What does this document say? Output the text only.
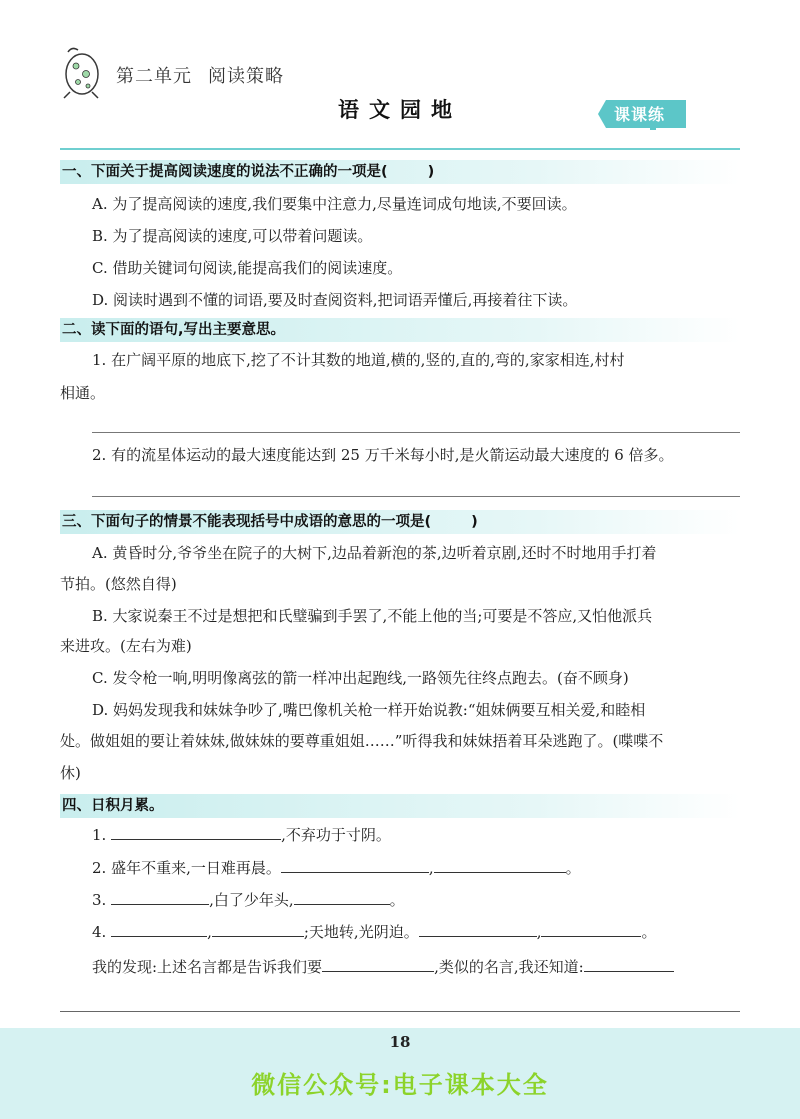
第二单元 阅读策略
语文园地	课课练
一、下面关于提高阅读速度的说法不正确的一项是(	)
A. 为了提高阅读的速度,我们要集中注意力,尽量连词成句地读,不要回读。
B. 为了提高阅读的速度,可以带着问题读。
C. 借助关键词句阅读,能提高我们的阅读速度。
D. 阅读时遇到不懂的词语,要及时查阅资料,把词语弄懂后,再接着往下读。
二、读下面的语句,写出主要意思。
1. 在广阔平原的地底下,挖了不计其数的地道,横的,竖的,直的,弯的,家家相连,村村
相通。
2. 有的流星体运动的最大速度能达到 25 万千米每小时,是火箭运动最大速度的 6 倍多。
三、下面句子的情景不能表现括号中成语的意思的一项是(	)
A. 黄昏时分,爷爷坐在院子的大树下,边品着新泡的茶,边听着京剧,还时不时地用手打着
节拍。(悠然自得)
B. 大家说秦王不过是想把和氏璧骗到手罢了,不能上他的当;可要是不答应,又怕他派兵
来进攻。(左右为难)
C. 发令枪一响,明明像离弦的箭一样冲出起跑线,一路领先往终点跑去。(奋不顾身)
D. 妈妈发现我和妹妹争吵了,嘴巴像机关枪一样开始说教:“姐妹俩要互相关爱,和睦相
处。做姐姐的要让着妹妹,做妹妹的要尊重姐姐……”听得我和妹妹捂着耳朵逃跑了。(喋喋不
休)
四、日积月累。
1.	,不弃功于寸阴。
2. 盛年不重来,一日难再晨。	,	。
3.	,白了少年头,	。
4.	,	;天地转,光阴迫。	,	。
我的发现:上述名言都是告诉我们要	,类似的名言,我还知道:
18
微信公众号:电子课本大全
